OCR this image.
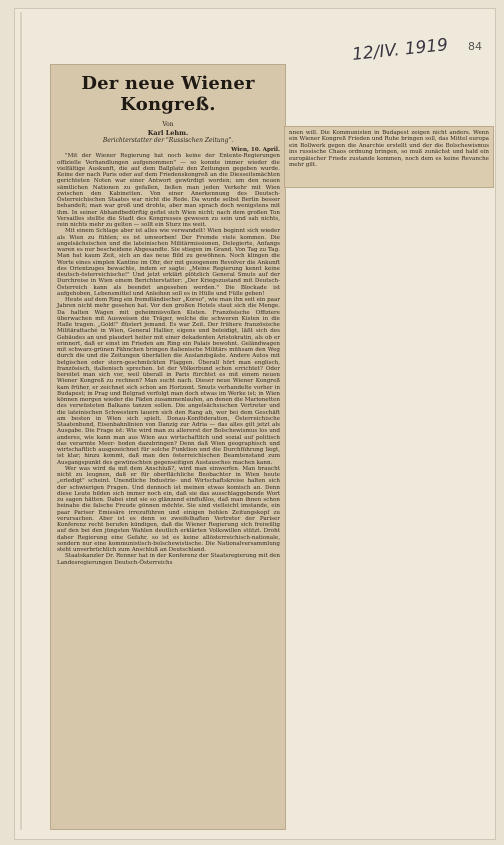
12/IV. 1919 84
Der neue Wiener Kongreß.
Von
Karl Lehm.
Berichterstatter der "Russischen Zeitung".

Wien, 10. April.

"Mit der Wiener Regierung hat noch keine der Entente-Regierungen offizielle Verhandlungen aufgenommen" — so konnte immer wieder die vielfältige Auskunft, die auf dem Ballplatz den Zeitungen gegeben wurde. Keine der nach Paris oder auf dem Friedenskongreß an die Diesseitsmächten gerichteten Noten war einer Antwort gewürdigt worden; um den neuen sämtlichen Nationen zu gefallen, ließen man jeden Verkehr mit Wien zwischen den Kabinetten. Von einer Anerkennung des Deutsch-Österreichischen Staates war nicht die Rede. Da wurde selbst Berlin besser behandelt; man war groß und drohte, aber man sprach doch wenigstens mit ihm. In seiner Abhandbedürftig gefiel sich Wien nicht; nach dem großen Ton Versailles stellte die Stadt des Kongresses gewesen zu sein und sah nichts, rein nichts mehr zu gelten — sollt ein Sturz ins weit.

Mit einem Schlage aber ist alles wie verwandelt! Wien beginnt sich wieder als Wien zu fühlen; es ist umworben! Der Fremde viele kommen. Die angelsächsischen und die lateinischen Militärmissionen, Delegierte, Anfangs waren es nur bescheidene Abgesandte. Sie stiegen im Grand, Von Tag zu Tag. Man hat kaum Zeit, sich an das neue Bild zu gewöhnen. Noch klingen die Worte eines simplen Kantine im Ohr, der mit gezogenem Revolver die Ankunft des Orientzuges bewachte, indem er sagte: „Meine Regierung kennt keine deutsch-österreichische!" Und jetzt erklärt plötzlich General Smuts auf der Durchreise in Wien einem Berichterstatter: „Der Kriegszustand mit Deutsch-Österreich kann als beendet angesehen werden." Die Blockade ist aufgehoben, Lebensmittel und Anleihen soll es in Hülle und Fülle geben!

Heute auf dem Ring ein fremdländischer „Korso", wie man ihn seit ein paar Jahren nicht mehr gesehen hat. Vor den großen Hotels staut sich die Menge. Da halten Wagen mit geheimnisvollen Kisten. Französische Offiziere überwachen mit Ausweisen die Träger, welche die schweren Kisten in die Halle tragen. „Gold!" flüstert jemand. Es war Zeit. Der frühere französische Militärattaché in Wien, General Hallier, eigens und beleidigt, läßt sich des Gebäudes an und plaudert heiter mit einer dekadenten Aristokratin, als ob er erinnert, daß er einst im Frieden am Ring ein Palais bewohnt. Geländwagen mit schwarz-grünen Fähnchen bringen italienische Militärs mühsam den Weg durch die und die Zeitungen überfallen die Auslandsgäste. Andere Autos mit belgischen oder stern-geschmückten Flaggen. Überall hört man englisch, französisch, italienisch sprechen. Ist der Völkerbund schon errichtet? Oder bereitet man sich vor, weil überall in Paris fürchtet es mit einem neuen Wiener Kongreß zu rechnen? Man sucht nach. Dieser neue Wiener Kongreß kam früher, er zeichnet sich schon am Horizont. Smuts verhandelte vorher in Budapest; in Prag und Belgrad verfolgt man doch etwas im Werke ist; in Wien können morgen wieder die Fäden zusammenlaufen, an denen die Marionetten des verwüsteten Balkans tanzen sollen. Die angelsächsischen Vertreter und die lateinischen Schwestern lauern sich den Rang ab, wer bei dem Geschäft am besten in Wien sich spielt. Donau-Konföderation, Österreichische Staatenbund, Eisenbahnlinien von Danzig zur Adria — das alles gilt jetzt als Ausgabe. Die Frage ist: Wie wird man zu allererst der Bolschewismus los und anderes, wie kann man aus Wien aus wirtschaftlich und sozial auf politisch das verarmte Meer- boden dazubringen? Denn daß Wien geographisch und wirtschaftlich ausgezeichnet für solche Funktion und die Durchführung liegt, ist klar; hinzu kommt, daß man den österreichischen Beamtenstand zum Ausgangspunkt des gewünschten gegenseitigen Austausches machen kann.

Wer was wird da mit dem Anschluß?, wird man einwerfen. Man braucht nicht zu leugnen, daß er für oberflächliche Beobachter in Wien heute „erledigt" scheint. Unendliche Industrie- und Wirtschaftskreise halten sich der schwierigen Fragen. Und dennoch ist meinen etwas komisch an. Denn diese Leute bilden sich immer noch ein, daß sie das ausschlaggebende Wort zu sagen hätten. Dabei sind sie so glänzend einflußlos, daß man ihnen schon beinahe die falsche Freude gönnen möchte. Sie sind vielleicht imstande, ein paar Pariser Emissäre irrezuführen und einigen hohlen Zeitungskopf zu verursachen. Aber ist es denn so zweifelhaften Vertreter der Pariser Konferenz recht berufen kündigen, daß die Wiener Regierung sich freiwillig auf den bei den jüngsten Wahlen deutlich erklärten Volkswillen stützt. Droht daher Regierung eine Gefahr, so ist es keine allösterreichisch-nationale, sondern nur eine kommunistisch-bolschewistische. Die Nationalversammlung steht unverbrüchlich zum Anschluß an Deutschland.

Staatskanzler Dr. Renner hat in der Konferenz der Staatsregierung mit den Landesregierungen Deutsch-Österreichs

nnen will. Die Kommunisten in Budapest zeigen nicht anders. Wenn ein Wiener Kongreß Frieden und Ruhe bringen soll, das Mittel europa ein Bollwerk gegen die Anarchie erstellt und der die Bolschewismus ins russische Chaos ordnung bringen, so muß zunächst und hald ein europäischer Friede zustande kommen, noch dem es keine Revanche mehr gilt.
